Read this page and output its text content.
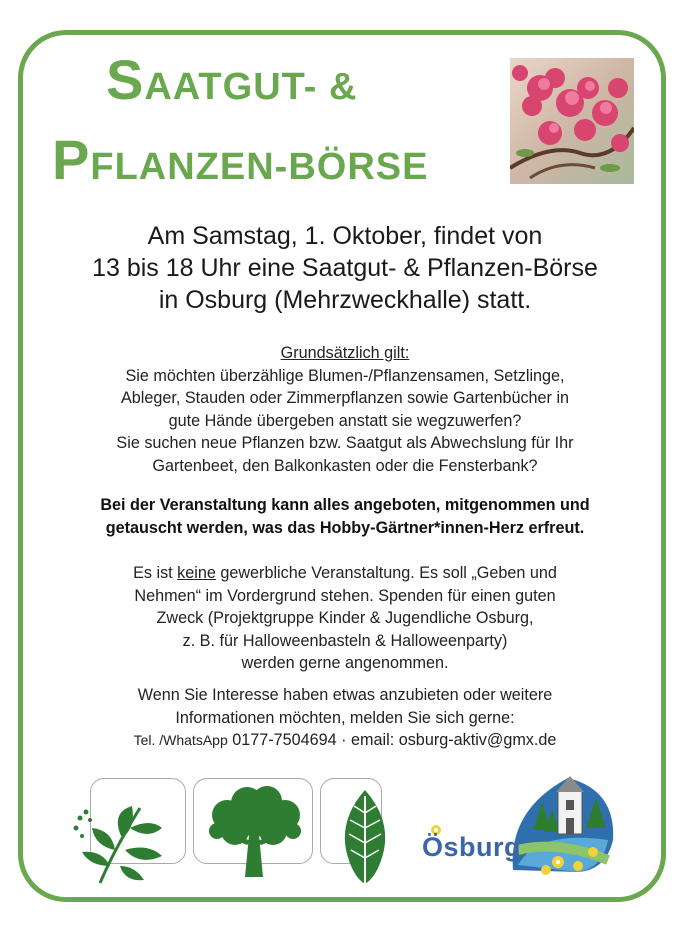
SAATGUT- &
PFLANZEN-BÖRSE
Am Samstag, 1. Oktober, findet von
13 bis 18 Uhr eine Saatgut- & Pflanzen-Börse
in Osburg (Mehrzweckhalle) statt.
Grundsätzlich gilt:
Sie möchten überzählige Blumen-/Pflanzensamen, Setzlinge,
Ableger, Stauden oder Zimmerpflanzen sowie Gartenbücher in
gute Hände übergeben anstatt sie wegzuwerfen?
Sie suchen neue Pflanzen bzw. Saatgut als Abwechslung für Ihr
Gartenbeet, den Balkonkasten oder die Fensterbank?
Bei der Veranstaltung kann alles angeboten, mitgenommen und
getauscht werden, was das Hobby-Gärtner*innen-Herz erfreut.
Es ist keine gewerbliche Veranstaltung. Es soll „Geben und
Nehmen“ im Vordergrund stehen. Spenden für einen guten
Zweck (Projektgruppe Kinder & Jugendliche Osburg,
z. B. für Halloweenbasteln & Halloweenparty)
werden gerne angenommen.
Wenn Sie Interesse haben etwas anzubieten oder weitere
Informationen möchten, melden Sie sich gerne:
Tel. /WhatsApp 0177-7504694 · email: osburg-aktiv@gmx.de
Ösburg
